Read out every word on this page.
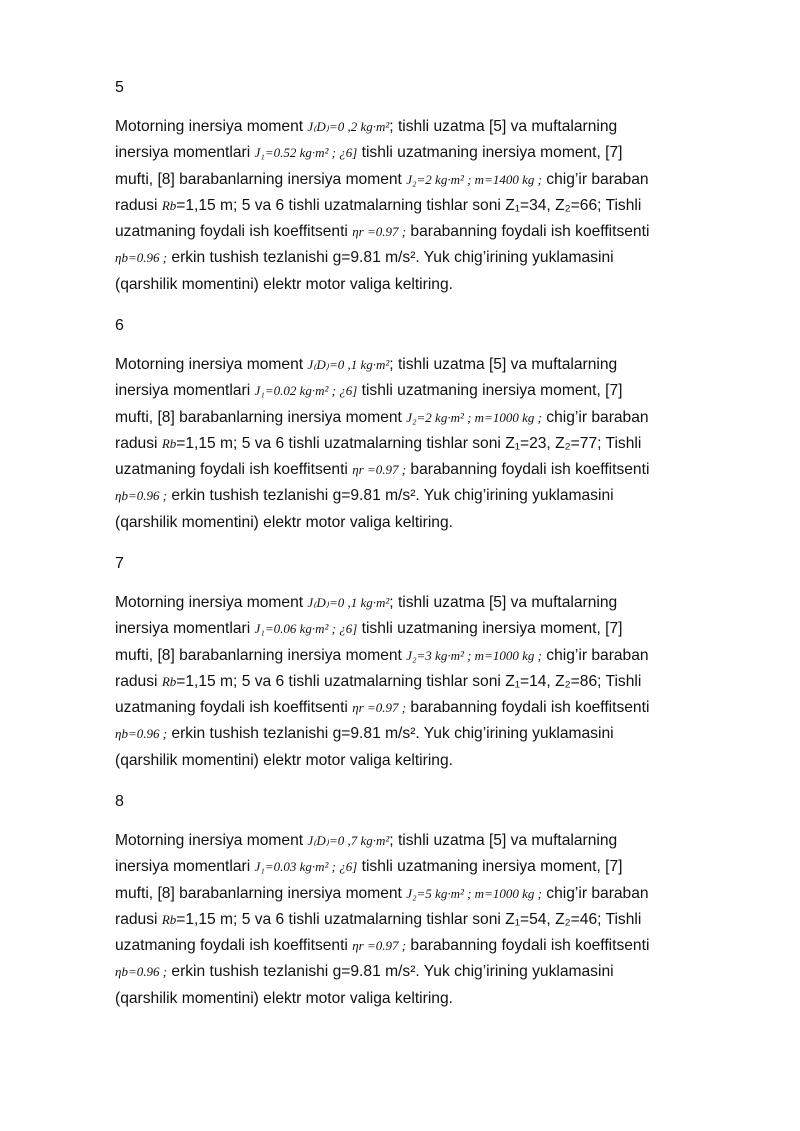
5

Motorning inersiya moment J₍D₎=0 ,2 kg·m²; tishli uzatma [5] va muftalarning
inersiya momentlari J₁=0.52 kg·m² ; ¿6] tishli uzatmaning inersiya moment, [7]
mufti, [8] barabanlarning inersiya moment J₂=2 kg·m² ; m=1400 kg ; chig’ir baraban
radusi Rb=1,15 m; 5 va 6 tishli uzatmalarning tishlar soni Z₁=34, Z₂=66; Tishli
uzatmaning foydali ish koeffitsenti ηr =0.97 ; barabanning foydali ish koeffitsenti
ηb=0.96 ; erkin tushish tezlanishi g=9.81 m/s². Yuk chig’irining yuklamasini
(qarshilik momentini) elektr motor valiga keltiring.

6

Motorning inersiya moment J₍D₎=0 ,1 kg·m²; tishli uzatma [5] va muftalarning
inersiya momentlari J₁=0.02 kg·m² ; ¿6] tishli uzatmaning inersiya moment, [7]
mufti, [8] barabanlarning inersiya moment J₂=2 kg·m² ; m=1000 kg ; chig’ir baraban
radusi Rb=1,15 m; 5 va 6 tishli uzatmalarning tishlar soni Z₁=23, Z₂=77; Tishli
uzatmaning foydali ish koeffitsenti ηr =0.97 ; barabanning foydali ish koeffitsenti
ηb=0.96 ; erkin tushish tezlanishi g=9.81 m/s². Yuk chig’irining yuklamasini
(qarshilik momentini) elektr motor valiga keltiring.

7

Motorning inersiya moment J₍D₎=0 ,1 kg·m²; tishli uzatma [5] va muftalarning
inersiya momentlari J₁=0.06 kg·m² ; ¿6] tishli uzatmaning inersiya moment, [7]
mufti, [8] barabanlarning inersiya moment J₂=3 kg·m² ; m=1000 kg ; chig’ir baraban
radusi Rb=1,15 m; 5 va 6 tishli uzatmalarning tishlar soni Z₁=14, Z₂=86; Tishli
uzatmaning foydali ish koeffitsenti ηr =0.97 ; barabanning foydali ish koeffitsenti
ηb=0.96 ; erkin tushish tezlanishi g=9.81 m/s². Yuk chig’irining yuklamasini
(qarshilik momentini) elektr motor valiga keltiring.

8

Motorning inersiya moment J₍D₎=0 ,7 kg·m²; tishli uzatma [5] va muftalarning
inersiya momentlari J₁=0.03 kg·m² ; ¿6] tishli uzatmaning inersiya moment, [7]
mufti, [8] barabanlarning inersiya moment J₂=5 kg·m² ; m=1000 kg ; chig’ir baraban
radusi Rb=1,15 m; 5 va 6 tishli uzatmalarning tishlar soni Z₁=54, Z₂=46; Tishli
uzatmaning foydali ish koeffitsenti ηr =0.97 ; barabanning foydali ish koeffitsenti
ηb=0.96 ; erkin tushish tezlanishi g=9.81 m/s². Yuk chig’irining yuklamasini
(qarshilik momentini) elektr motor valiga keltiring.
